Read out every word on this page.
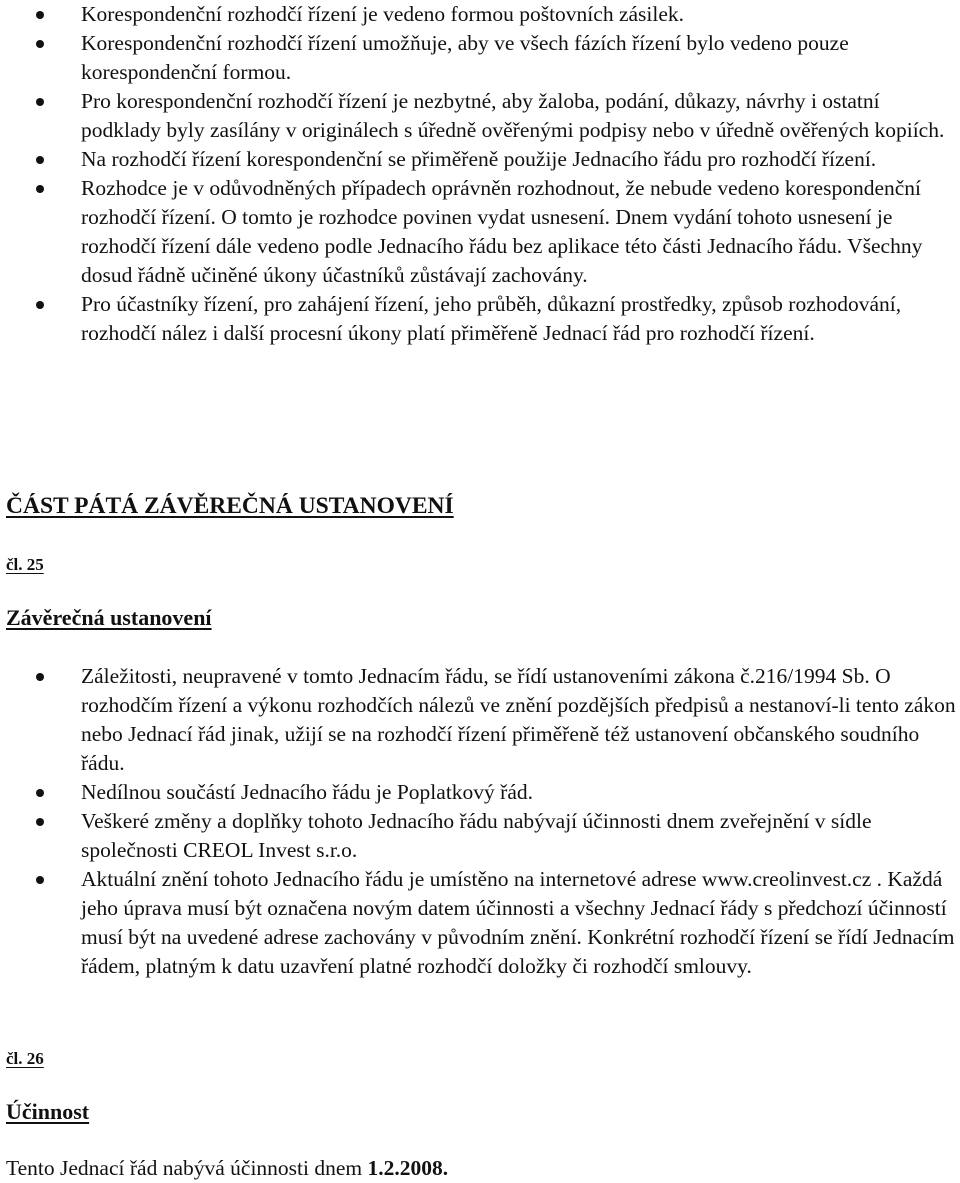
Korespondenční rozhodčí řízení je vedeno formou poštovních zásilek.
Korespondenční rozhodčí řízení umožňuje, aby ve všech fázích řízení bylo vedeno pouze korespondenční formou.
Pro korespondenční rozhodčí řízení je nezbytné, aby žaloba, podání, důkazy, návrhy i ostatní podklady byly zasílány v originálech s úředně ověřenými podpisy nebo v úředně ověřených kopiích.
Na rozhodčí řízení korespondenční se přiměřeně použije Jednacího řádu pro rozhodčí řízení.
Rozhodce je v odůvodněných případech oprávněn rozhodnout, že nebude vedeno korespondenční rozhodčí řízení. O tomto je rozhodce povinen vydat usnesení. Dnem vydání tohoto usnesení je rozhodčí řízení dále vedeno podle Jednacího řádu bez aplikace této části Jednacího řádu. Všechny dosud řádně učiněné úkony účastníků zůstávají zachovány.
Pro účastníky řízení, pro zahájení řízení, jeho průběh, důkazní prostředky, způsob rozhodování, rozhodčí nález i další procesní úkony platí přiměřeně Jednací řád pro rozhodčí řízení.
ČÁST PÁTÁ ZÁVĚREČNÁ USTANOVENÍ
čl. 25
Závěrečná ustanovení
Záležitosti, neupravené v tomto Jednacím řádu, se řídí ustanoveními zákona č.216/1994 Sb. O rozhodčím řízení a výkonu rozhodčích nálezů ve znění pozdějších předpisů a nestanoví-li tento zákon nebo Jednací řád jinak, užijí se na rozhodčí řízení přiměřeně též ustanovení občanského soudního řádu.
Nedílnou součástí Jednacího řádu je Poplatkový řád.
Veškeré změny a doplňky tohoto Jednacího řádu nabývají účinnosti dnem zveřejnění v sídle společnosti CREOL Invest s.r.o.
Aktuální znění tohoto Jednacího řádu je umístěno na internetové adrese www.creolinvest.cz . Každá jeho úprava musí být označena novým datem účinnosti a všechny Jednací řády s předchozí účinností musí být na uvedené adrese zachovány v původním znění. Konkrétní rozhodčí řízení se řídí Jednacím řádem, platným k datu uzavření platné rozhodčí doložky či rozhodčí smlouvy.
čl. 26
Účinnost

Tento Jednací řád nabývá účinnosti dnem 1.2.2008.
